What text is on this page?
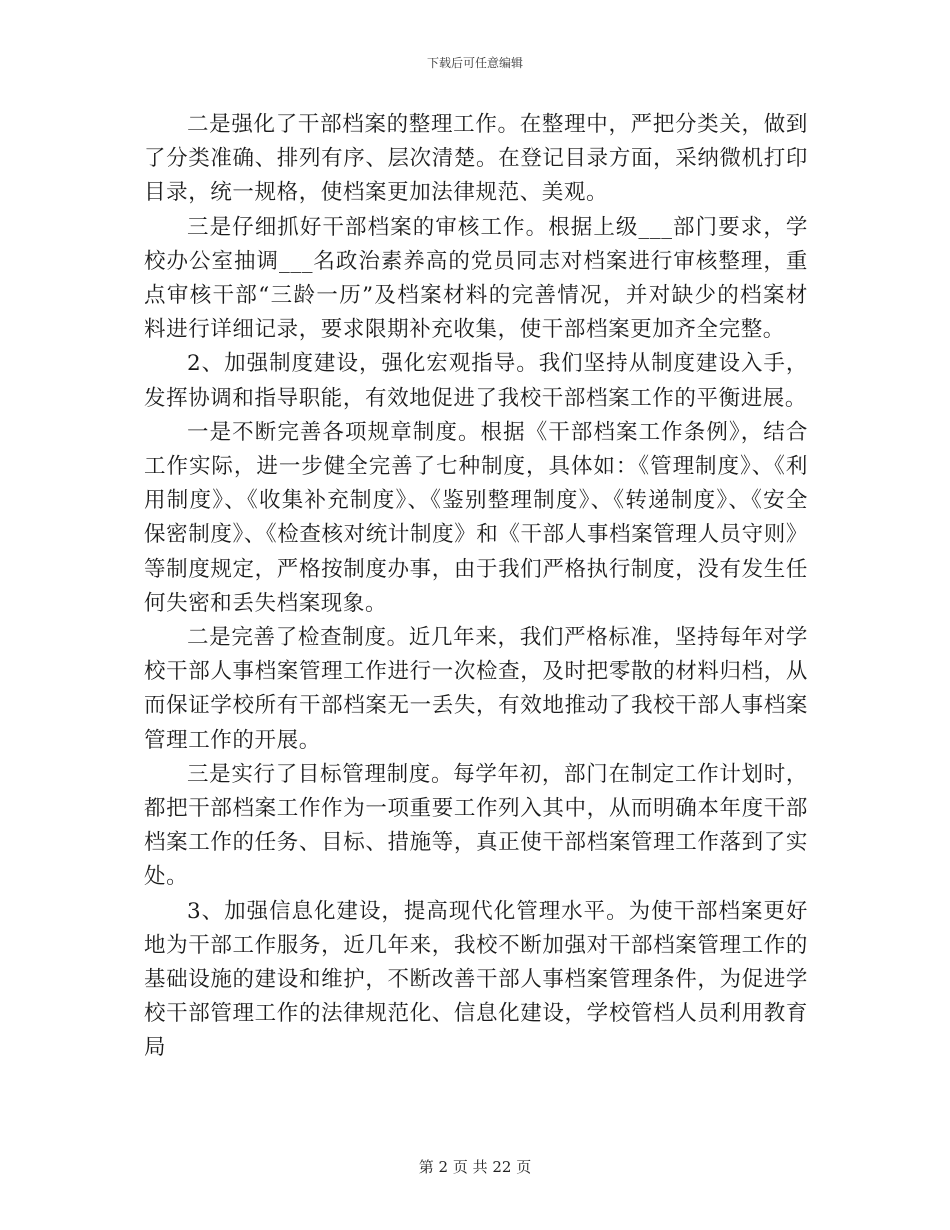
下载后可任意编辑

二是强化了干部档案的整理工作。在整理中，严把分类关，做到了分类准确、排列有序、层次清楚。在登记目录方面，采纳微机打印目录，统一规格，使档案更加法律规范、美观。

三是仔细抓好干部档案的审核工作。根据上级___部门要求，学校办公室抽调___名政治素养高的党员同志对档案进行审核整理，重点审核干部“三龄一历”及档案材料的完善情况，并对缺少的档案材料进行详细记录，要求限期补充收集，使干部档案更加齐全完整。

2、加强制度建设，强化宏观指导。我们坚持从制度建设入手，发挥协调和指导职能，有效地促进了我校干部档案工作的平衡进展。

一是不断完善各项规章制度。根据《干部档案工作条例》，结合工作实际，进一步健全完善了七种制度，具体如：《管理制度》、《利用制度》、《收集补充制度》、《鉴别整理制度》、《转递制度》、《安全保密制度》、《检查核对统计制度》和《干部人事档案管理人员守则》等制度规定，严格按制度办事，由于我们严格执行制度，没有发生任何失密和丢失档案现象。

二是完善了检查制度。近几年来，我们严格标准，坚持每年对学校干部人事档案管理工作进行一次检查，及时把零散的材料归档，从而保证学校所有干部档案无一丢失，有效地推动了我校干部人事档案管理工作的开展。

三是实行了目标管理制度。每学年初，部门在制定工作计划时，都把干部档案工作作为一项重要工作列入其中，从而明确本年度干部档案工作的任务、目标、措施等，真正使干部档案管理工作落到了实处。

3、加强信息化建设，提高现代化管理水平。为使干部档案更好地为干部工作服务，近几年来，我校不断加强对干部档案管理工作的基础设施的建设和维护，不断改善干部人事档案管理条件，为促进学校干部管理工作的法律规范化、信息化建设，学校管档人员利用教育局

第 2 页 共 22 页
